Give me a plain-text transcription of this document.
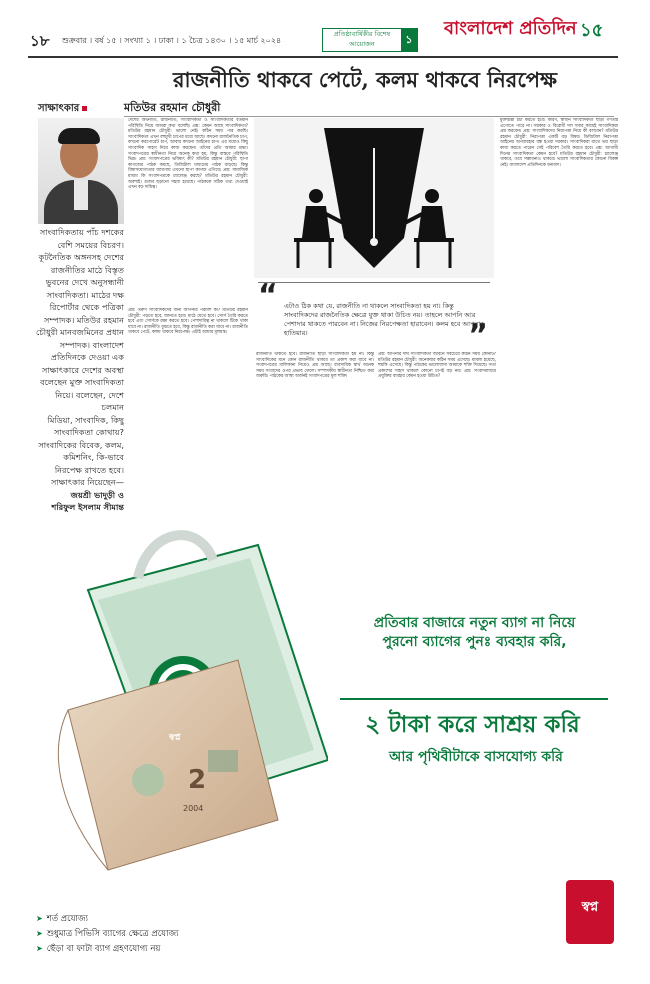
১৮ শুক্রবার । বর্ষ ১৫ । সংখ্যা ১ । ঢাকা । ১ চৈত্র ১৪৩০ । ১৫ মার্চ ২০২৪
প্রতিষ্ঠাবার্ষিকীর বিশেষ আয়োজন	১
বাংলাদেশ প্রতিদিন ১৫
রাজনীতি থাকবে পেটে, কলম থাকবে নিরপেক্ষ
সাক্ষাৎকার	মতিউর রহমান চৌধুরী
সাংবাদিকতায় পাঁচ দশকের
বেশি সময়ের বিচরণ।
কূটনৈতিক অঙ্গনসহ দেশের
রাজনীতির মাঠে বিস্তৃত
ভুবনের দেখে অনুসন্ধানী
সাংবাদিকতা। মাঠের দক্ষ
রিপোর্টার থেকে পত্রিকা
সম্পাদক। মতিউর রহমান
চৌধুরী মানবজমিনের প্রধান
সম্পাদক। বাংলাদেশ
প্রতিদিনকে দেওয়া এক
সাক্ষাৎকারে দেশের অবস্থা
বলেছেন মুক্ত সাংবাদিকতা
নিয়ে। বলেছেন, দেশে চলমান
মিডিয়া, সাংবাদিক, কিছু
সাংবাদিকতা কোথায়?
সাংবাদিকের বিবেক, কলম,
কমিশনিং, কি-ভাবে
নিরপেক্ষ রাখতে হবে।
সাক্ষাৎকার নিয়েছেন—
জয়শ্রী ভাদুড়ী ও
শরিফুল ইসলাম সীমান্ত
দেশের অর্থনীতি, রাজনীতি, সাংবাদিকতা ও সাংবাদিকতার বর্তমান পরিস্থিতি নিয়ে আমরা কথা বলেছি। প্রশ্ন: কেমন আছে সাংবাদিকতা? মতিউর রহমান চৌধুরী: ভালো নেই। কঠিন সময় পার করছি। সাংবাদিকতা এখন বহুমুখী চাপের মধ্যে আছে। কখনো রাজনৈতিক চাপ, কখনো করপোরেট চাপ, আবার কখনো আইনের চাপ। এর মধ্যেও কিছু সাংবাদিক সাহস নিয়ে কাজ করছেন। তাঁদের প্রতি আমার শ্রদ্ধা। সংবাদপত্রের স্বাধীনতা নিয়ে অনেক কথা হয়, কিন্তু বাস্তবে পরিস্থিতি ভিন্ন। প্রশ্ন: সংবাদপত্রের ভবিষ্যৎ কী? মতিউর রহমান চৌধুরী: ছাপা কাগজের পাঠক কমছে, ডিজিটাল মাধ্যমের পাঠক বাড়ছে। কিন্তু বিশ্বাসযোগ্যতার জায়গায় এখনো ছাপা কাগজ এগিয়ে। প্রশ্ন: সামাজিক মাধ্যম কি সংবাদপত্রকে চ্যালেঞ্জ করছে? মতিউর রহমান চৌধুরী: অবশ্যই। গুজব ছড়ানো সহজ হয়েছে। পাঠককে সঠিক তথ্য দেওয়াই এখন বড় দায়িত্ব।
প্রশ্ন: তরুণ সাংবাদিকদের জন্য আপনার পরামর্শ কী? মতিউর রহমান চৌধুরী: পড়তে হবে, জানতে হবে। মাঠে যেতে হবে। সোর্স তৈরি করতে হবে এবং সোর্সকে রক্ষা করতে হবে। পেশাদারিত্ব না থাকলে টিকে থাকা যাবে না। রাজনীতি বুঝতে হবে, কিন্তু রাজনীতি করা যাবে না। রাজনীতি থাকবে পেটে, কলম থাকবে নিরপেক্ষ। এটাই আমার মূলমন্ত্র।
রাজনীতি থাকতে হবে। রাজনীতি ছাড়া সাংবাদিকতা হয় না। কিন্তু সাংবাদিকের মনে কোন রাজনীতি থাকবে তা প্রকাশ করা যাবে না। সংবাদপত্রের মালিকানা নিয়েও প্রশ্ন আছে। ব্যবসায়িক স্বার্থ অনেক সময় সংবাদের ওপর প্রভাব ফেলে। সম্পাদকীয় স্বাধীনতা নিশ্চিত করা জরুরি। পাঠকের আস্থা অর্জনই সংবাদপত্রের মূল শক্তি।
প্রশ্ন: আপনার দীর্ঘ সাংবাদিকতা জীবনে সবচেয়ে কঠিন সময় কোনটি? মতিউর রহমান চৌধুরী: অনেকবার কঠিন সময় এসেছে। মামলা হয়েছে, হুমকি এসেছে। কিন্তু পাঠকের ভালোবাসা আমাকে শক্তি দিয়েছে। সত্য প্রকাশের সাহস থাকলে কোনো চাপই বড় নয়। প্রশ্ন: সংবাদমাধ্যমে প্রযুক্তির ব্যবহার কেমন হওয়া উচিত?
মুক্তচিন্তা চর্চা করতে হবে। কারণ, স্বাধীন সাংবাদিকতা ছাড়া গণতন্ত্র এগোতে পারে না। সরকার ও বিরোধী দল সবার কাছেই সাংবাদিকরা প্রশ্ন করবেন। প্রশ্ন: সাংবাদিকদের নিরাপত্তা নিয়ে কী বলবেন? মতিউর রহমান চৌধুরী: নিরাপত্তা একটি বড় বিষয়। ডিজিটাল নিরাপত্তা আইনের অপব্যবহার বন্ধ হওয়া দরকার। সাংবাদিকরা যাতে ভয় ছাড়া কাজ করতে পারেন সেই পরিবেশ তৈরি করতে হবে। প্রশ্ন: আগামী দিনের সাংবাদিকতা কেমন হবে? মতিউর রহমান চৌধুরী: চ্যালেঞ্জ থাকবে, তবে সম্ভাবনাও থাকবে। ভালো সাংবাদিকতার কোনো বিকল্প নেই। বাংলাদেশ প্রতিদিনকে ধন্যবাদ।
“ এটাও ঠিক কথা যে, রাজনীতি না থাকলে সাংবাদিকতা হয় না। কিন্তু সাংবাদিকদের রাজনৈতিক ক্ষেত্রে যুক্ত থাকা উচিত নয়। তাহলে আপনি আর পেশাদার থাকতে পারবেন না। নিজের নিরপেক্ষতা হারাবেন। কলম হবে আপনার হাতিয়ার।	”
স্বপ্ন
2
2004
প্রতিবার বাজারে নতুন ব্যাগ না নিয়ে
পুরনো ব্যাগের পুনঃ ব্যবহার করি,
২ টাকা করে সাশ্রয় করি
আর পৃথিবীটাকে বাসযোগ্য করি
➤ শর্ত প্রযোজ্য
➤ শুধুমাত্র পিভিসি ব্যাগের ক্ষেত্রে প্রযোজ্য
➤ ছেঁড়া বা ফাটা ব্যাগ গ্রহণযোগ্য নয়
স্বপ্ন
